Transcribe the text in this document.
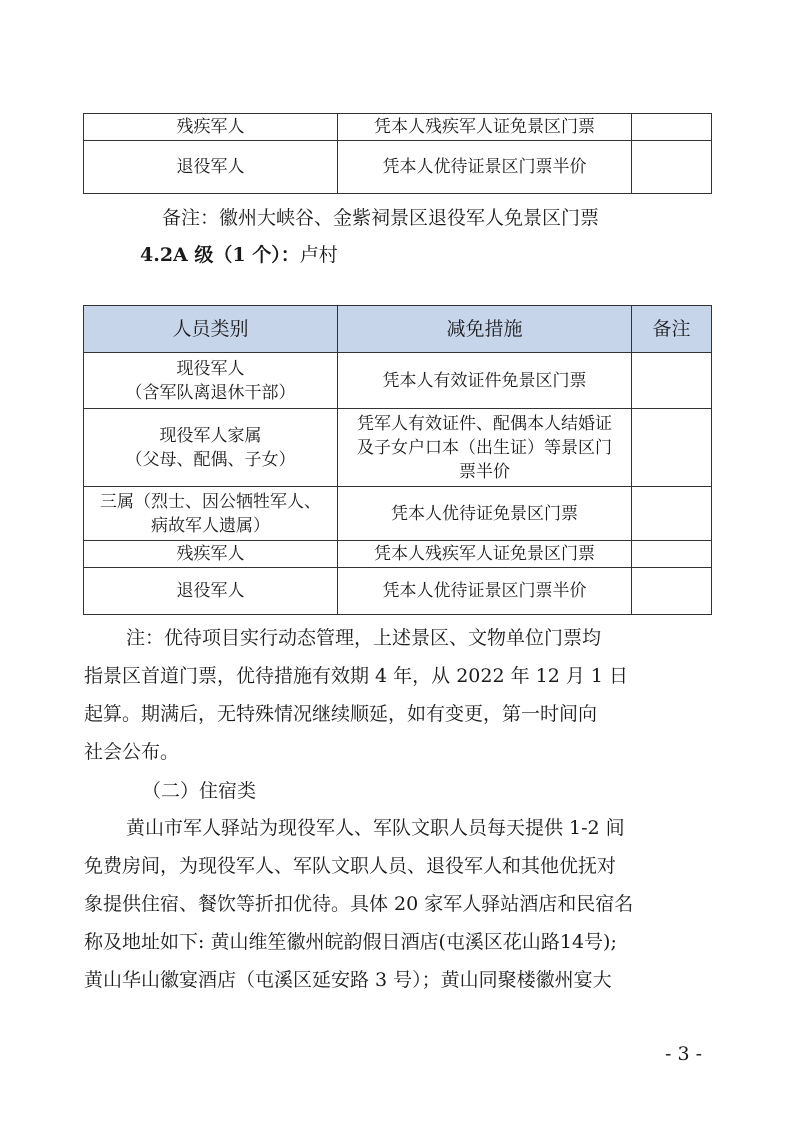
残疾军人	凭本人残疾军人证免景区门票	
退役军人	凭本人优待证景区门票半价	
备注：徽州大峡谷、金紫祠景区退役军人免景区门票
4.2A 级（1 个）：卢村
人员类别	减免措施	备注
现役军人
（含军队离退休干部）	凭本人有效证件免景区门票	
现役军人家属
（父母、配偶、子女）	凭军人有效证件、配偶本人结婚证
及子女户口本（出生证）等景区门
票半价	
三属（烈士、因公牺牲军人、
病故军人遗属）	凭本人优待证免景区门票	
残疾军人	凭本人残疾军人证免景区门票	
退役军人	凭本人优待证景区门票半价	
注：优待项目实行动态管理，上述景区、文物单位门票均
指景区首道门票，优待措施有效期 4 年，从 2022 年 12 月 1 日
起算。期满后，无特殊情况继续顺延，如有变更，第一时间向
社会公布。
（二）住宿类
黄山市军人驿站为现役军人、军队文职人员每天提供 1-2 间
免费房间，为现役军人、军队文职人员、退役军人和其他优抚对
象提供住宿、餐饮等折扣优待。具体 20 家军人驿站酒店和民宿名
称及地址如下: 黄山维笙徽州皖韵假日酒店(屯溪区花山路14号);
黄山华山徽宴酒店（屯溪区延安路 3 号）；黄山同聚楼徽州宴大
- 3 -
